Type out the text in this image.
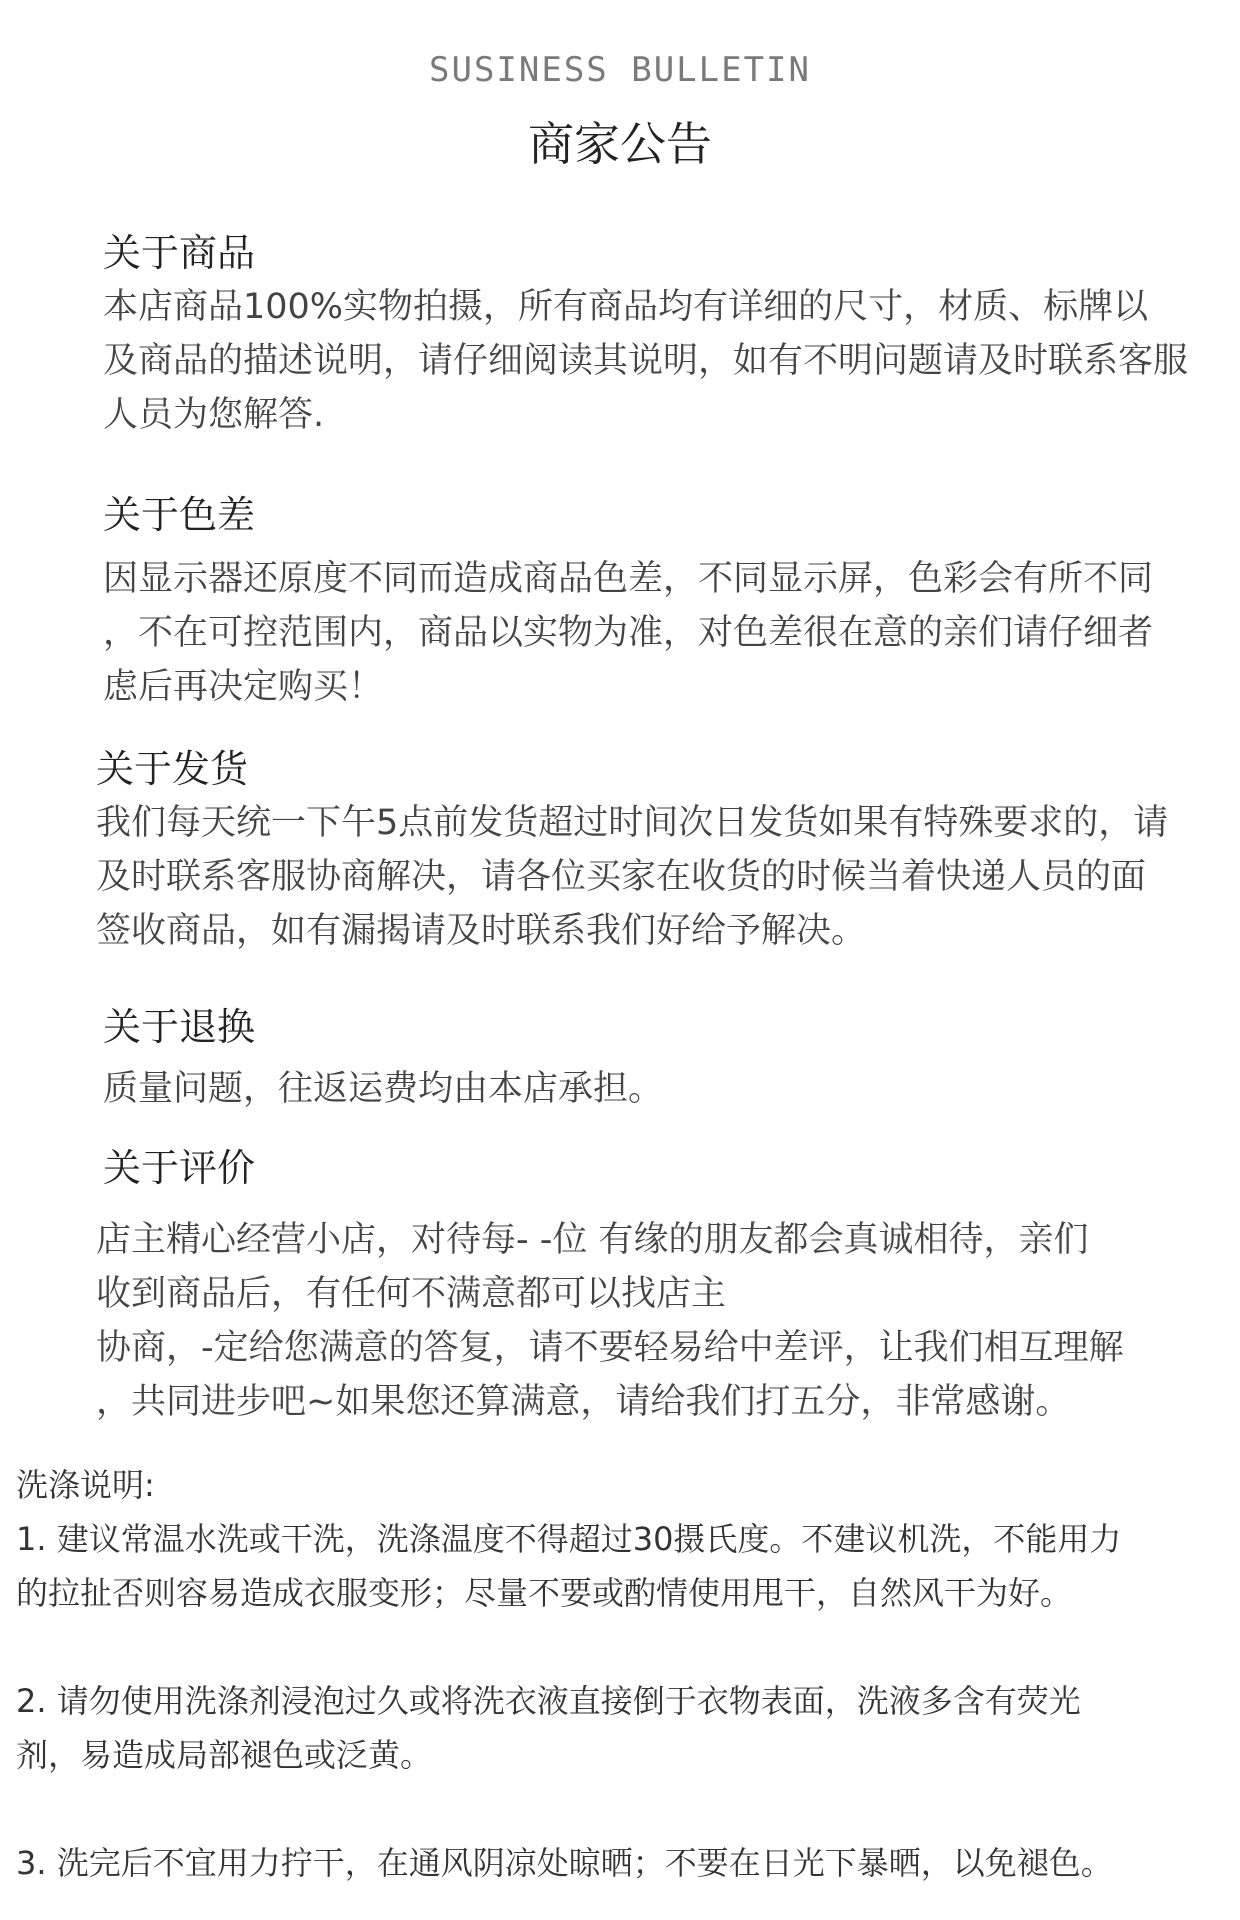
SUSINESS BULLETIN
商家公告

关于商品

本店商品100%实物拍摄，所有商品均有详细的尺寸，材质、标牌以
及商品的描述说明，请仔细阅读其说明，如有不明问题请及时联系客服
人员为您解答.

关于色差

因显示器还原度不同而造成商品色差，不同显示屏，色彩会有所不同
，不在可控范围内，商品以实物为准，对色差很在意的亲们请仔细者
虑后再决定购买！

关于发货

我们每天统一下午5点前发货超过时间次日发货如果有特殊要求的，请
及时联系客服协商解决，请各位买家在收货的时候当着快递人员的面
签收商品，如有漏揭请及时联系我们好给予解决。

关于退换

质量问题，往返运费均由本店承担。

关于评价

店主精心经营小店，对待每- -位 有缘的朋友都会真诚相待，亲们
收到商品后，有任何不满意都可以找店主
协商，-定给您满意的答复，请不要轻易给中差评，让我们相互理解
，共同进步吧~如果您还算满意，请给我们打五分，非常感谢。

洗涤说明:
1. 建议常温水洗或干洗，洗涤温度不得超过30摄氏度。不建议机洗，不能用力
的拉扯否则容易造成衣服变形；尽量不要或酌情使用甩干，自然风干为好。
2. 请勿使用洗涤剂浸泡过久或将洗衣液直接倒于衣物表面，洗液多含有荧光
剂，易造成局部褪色或泛黄。
3. 洗完后不宜用力拧干，在通风阴凉处晾晒；不要在日光下暴晒，以免褪色。
